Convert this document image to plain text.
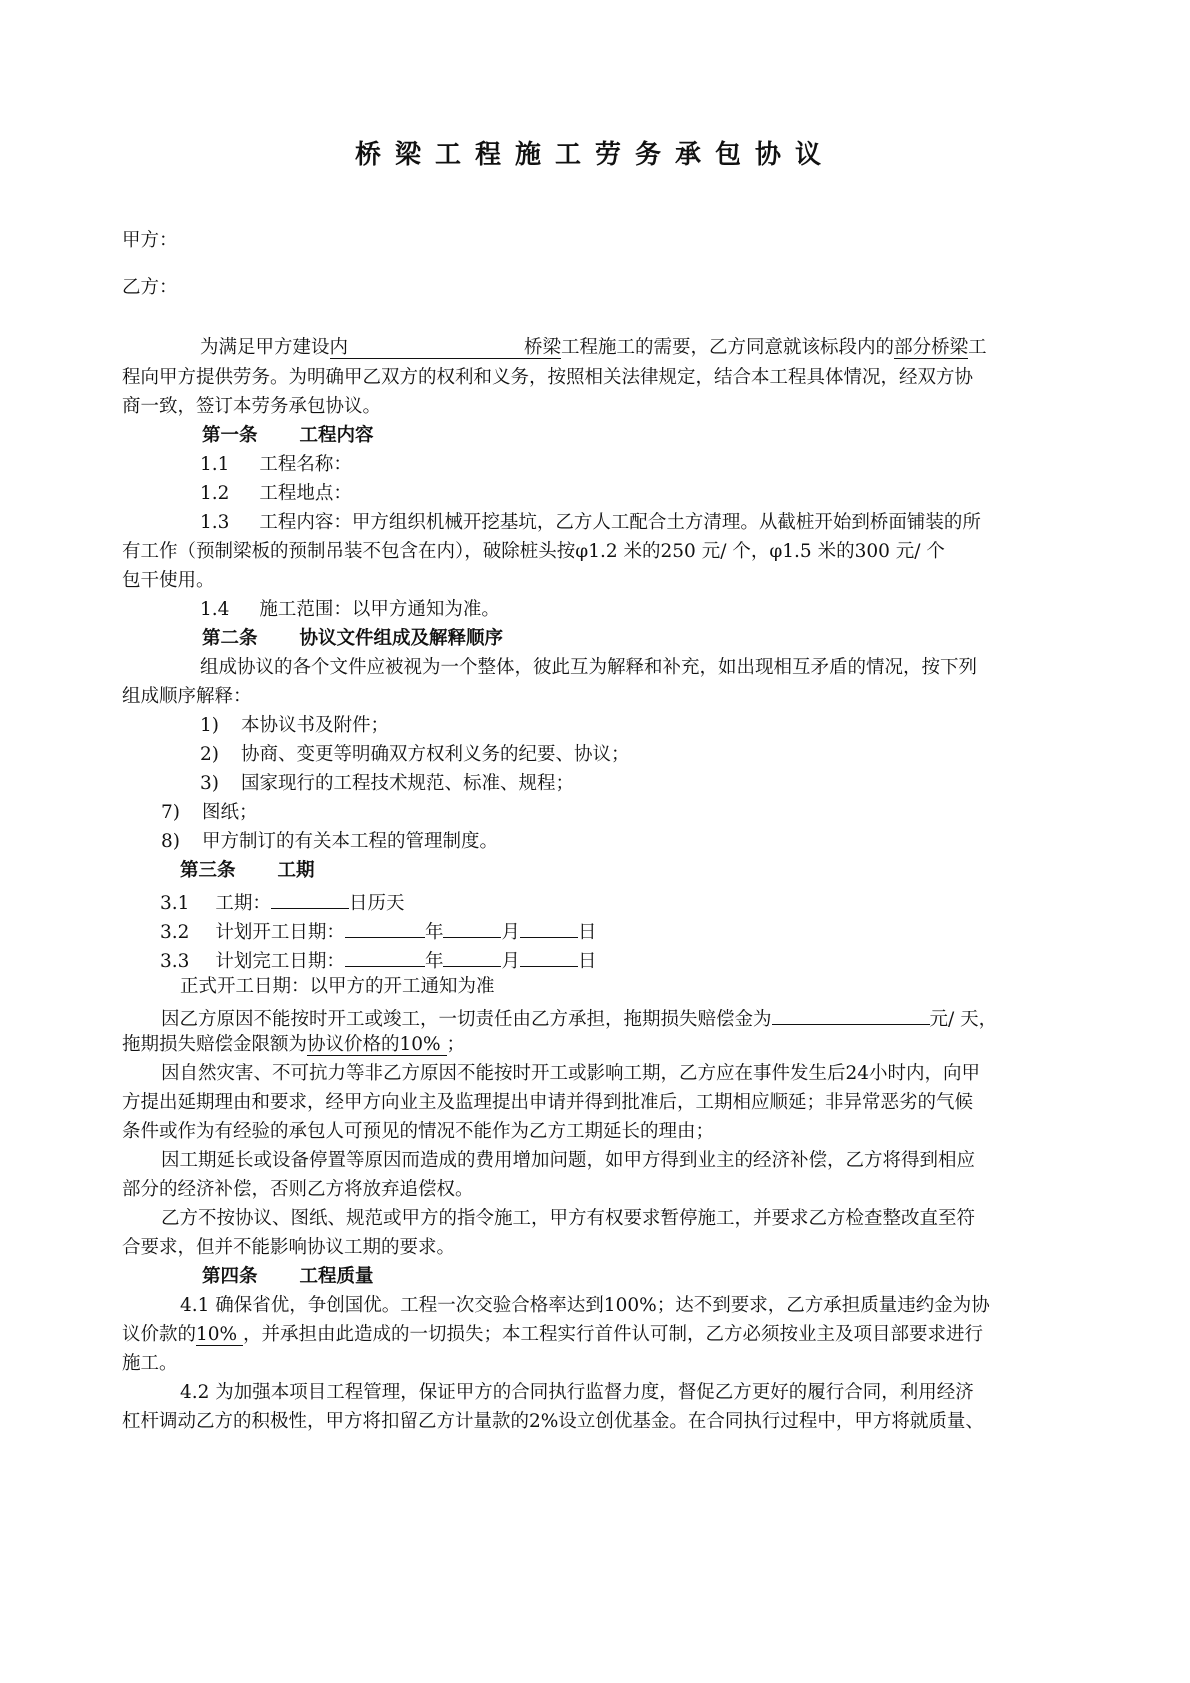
桥梁工程施工劳务承包协议
甲方：
乙方：
为满足甲方建设内	桥梁工程施工的需要，乙方同意就该标段内的部分桥梁工
程向甲方提供劳务。为明确甲乙双方的权利和义务，按照相关法律规定，结合本工程具体情况，经双方协
商一致，签订本劳务承包协议。
第一条 工程内容
1.1 工程名称：
1.2 工程地点：
1.3 工程内容：甲方组织机械开挖基坑，乙方人工配合土方清理。从截桩开始到桥面铺装的所
有工作（预制梁板的预制吊装不包含在内），破除桩头按φ1.2 米的250 元/ 个，φ1.5 米的300 元/ 个
包干使用。
1.4 施工范围：以甲方通知为准。
第二条 协议文件组成及解释顺序
组成协议的各个文件应被视为一个整体，彼此互为解释和补充，如出现相互矛盾的情况，按下列
组成顺序解释：
1) 本协议书及附件；
2) 协商、变更等明确双方权利义务的纪要、协议；
3) 国家现行的工程技术规范、标准、规程；
7) 图纸；
8) 甲方制订的有关本工程的管理制度。
第三条 工期
3.1 工期：	日历天
3.2 计划开工日期：	年	月	日
3.3 计划完工日期：	年	月	日
正式开工日期：以甲方的开工通知为准
因乙方原因不能按时开工或竣工，一切责任由乙方承担，拖期损失赔偿金为	元/ 天，
拖期损失赔偿金限额为协议价格的10% ；
因自然灾害、不可抗力等非乙方原因不能按时开工或影响工期，乙方应在事件发生后24小时内，向甲
方提出延期理由和要求，经甲方向业主及监理提出申请并得到批准后，工期相应顺延；非异常恶劣的气候
条件或作为有经验的承包人可预见的情况不能作为乙方工期延长的理由；
因工期延长或设备停置等原因而造成的费用增加问题，如甲方得到业主的经济补偿，乙方将得到相应
部分的经济补偿，否则乙方将放弃追偿权。
乙方不按协议、图纸、规范或甲方的指令施工，甲方有权要求暂停施工，并要求乙方检查整改直至符
合要求，但并不能影响协议工期的要求。
第四条 工程质量
4.1 确保省优，争创国优。工程一次交验合格率达到100%；达不到要求，乙方承担质量违约金为协
议价款的10% ，并承担由此造成的一切损失；本工程实行首件认可制，乙方必须按业主及项目部要求进行
施工。
4.2 为加强本项目工程管理，保证甲方的合同执行监督力度，督促乙方更好的履行合同，利用经济
杠杆调动乙方的积极性，甲方将扣留乙方计量款的2%设立创优基金。在合同执行过程中，甲方将就质量、
